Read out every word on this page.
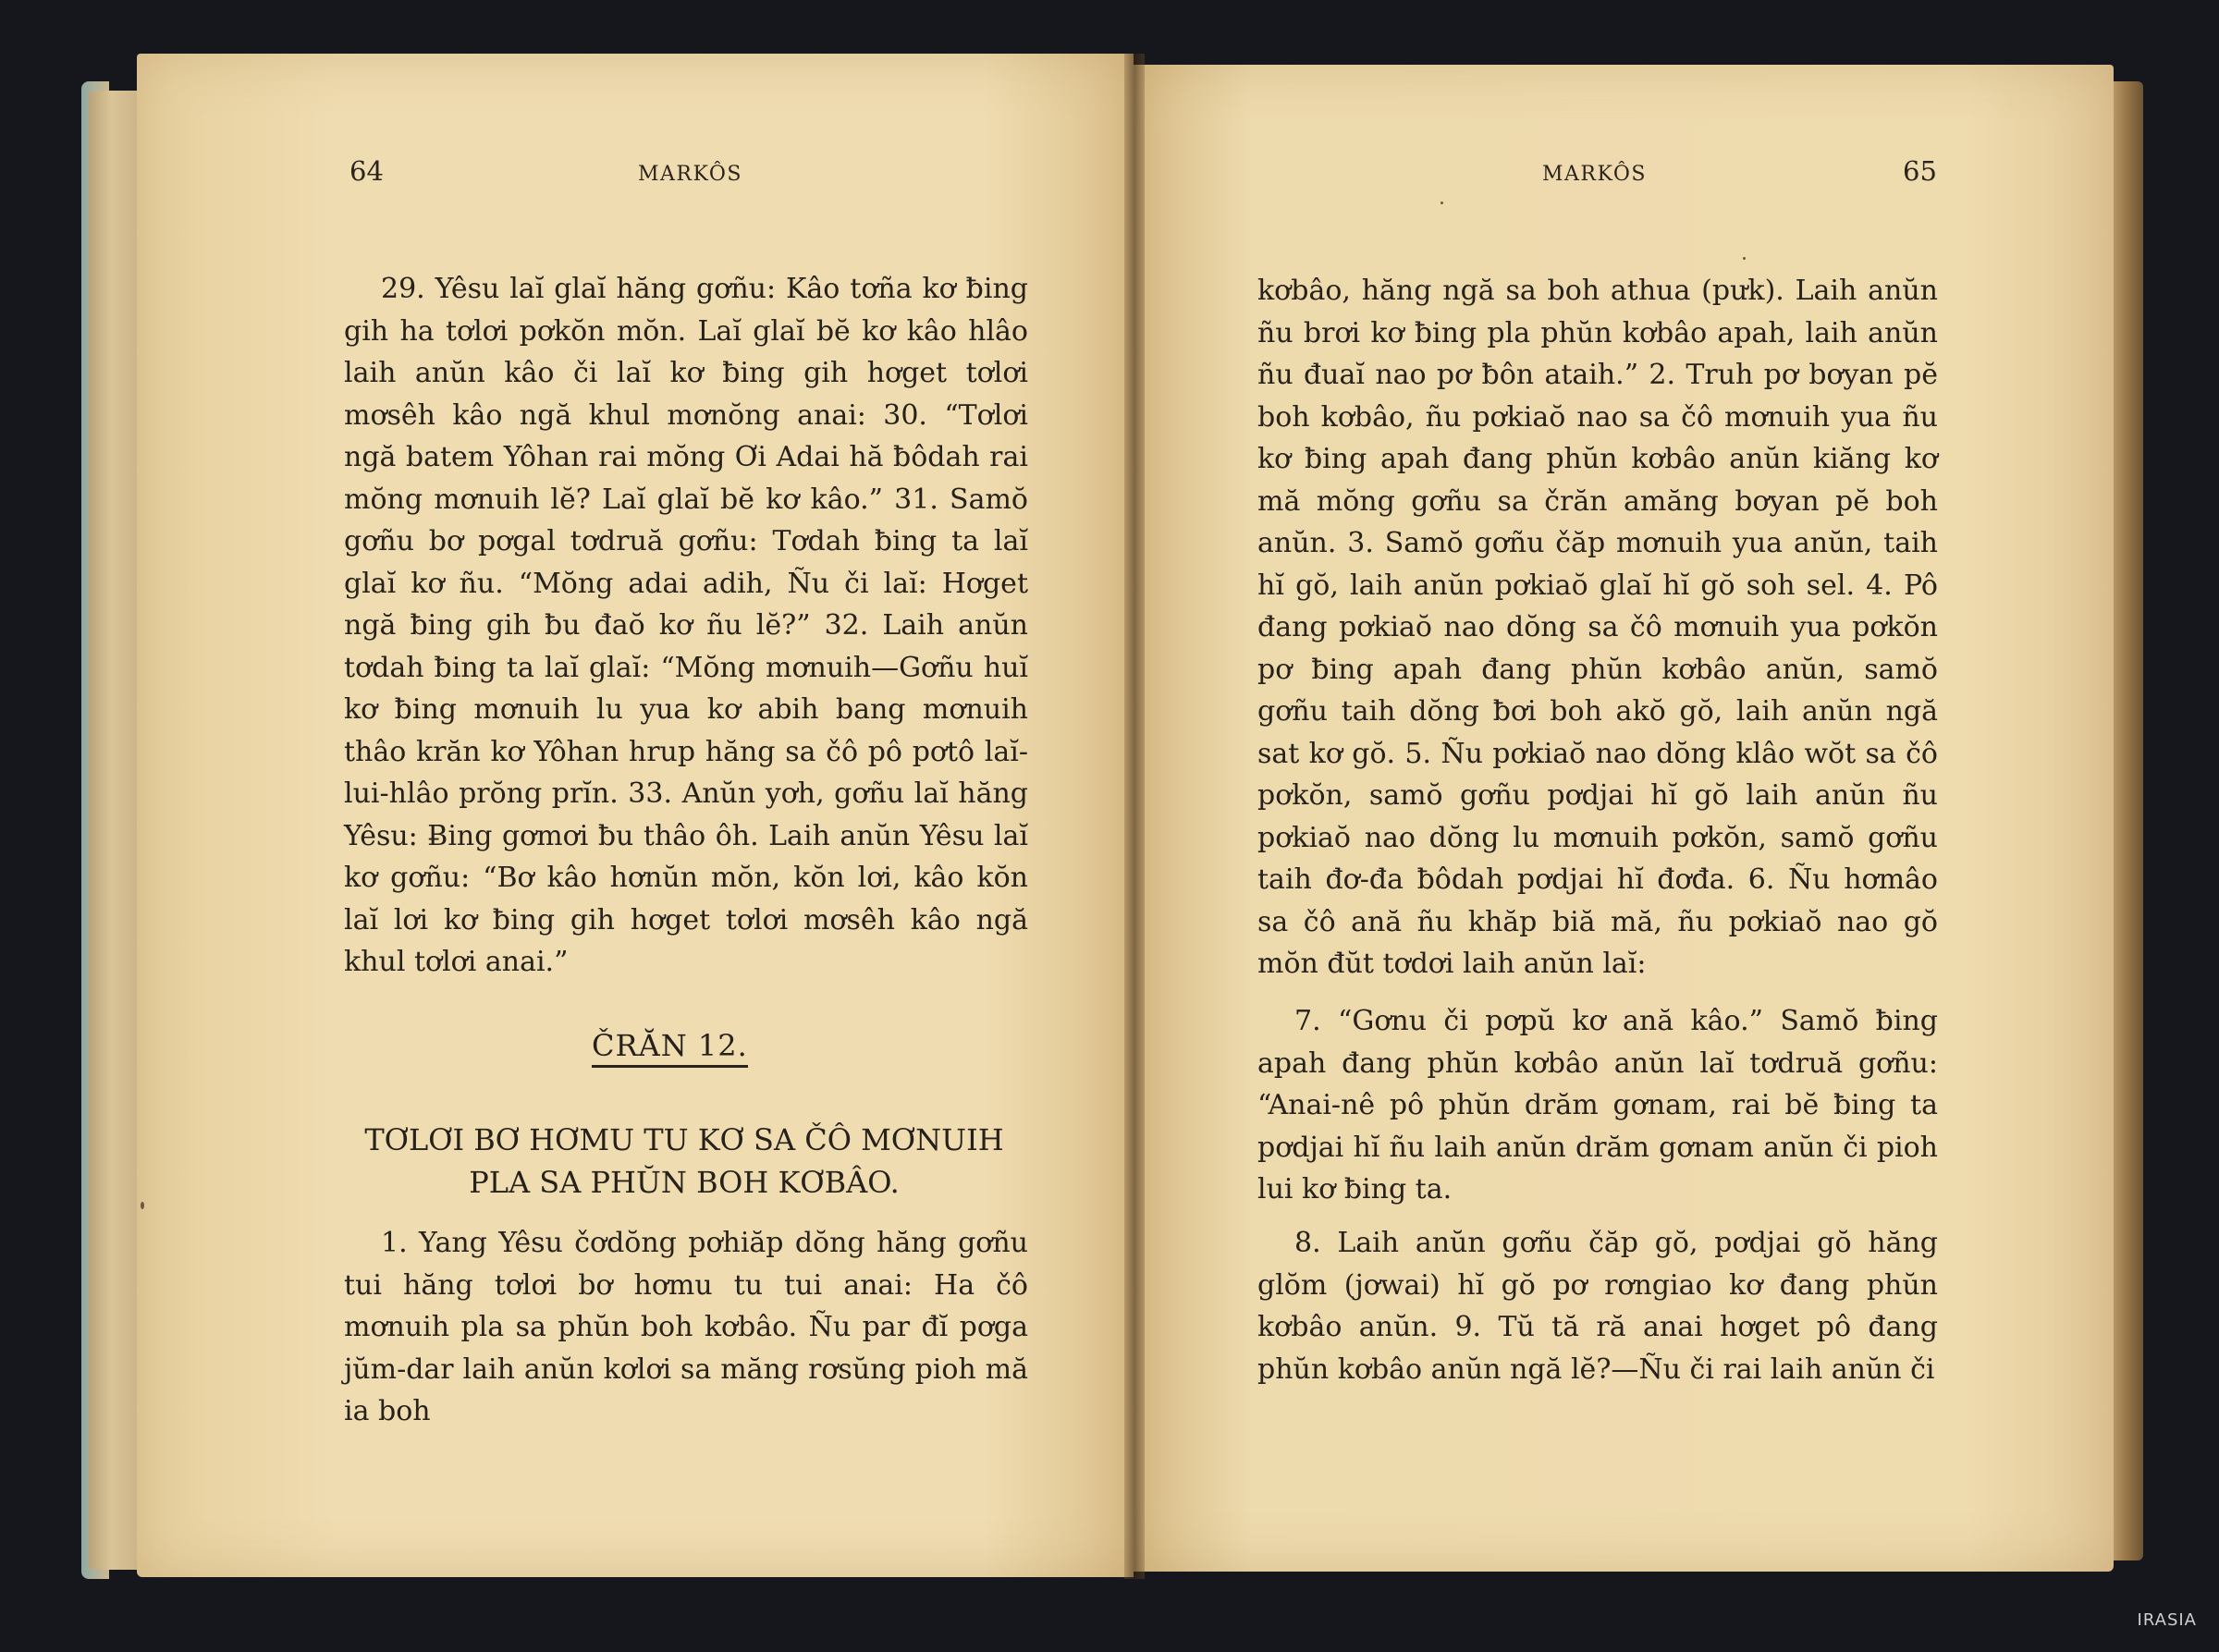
64	MARKÔS

29. Yêsu laĭ glaĭ hăng gơñu: Kâo tơña kơ ƀing gih ha tơlơi pơkŏn mŏn. Laĭ glaĭ bĕ kơ kâo hlâo laih anŭn kâo či laĭ kơ ƀing gih hơget tơlơi mơsêh kâo ngă khul mơnŏng anai: 30. “Tơlơi ngă batem Yôhan rai mŏng Ơi Adai hă ƀôdah rai mŏng mơnuih lĕ? Laĭ glaĭ bĕ kơ kâo.” 31. Samŏ gơñu bơ pơgal tơdruă gơñu: Tơdah ƀing ta laĭ glaĭ kơ ñu. “Mŏng adai adih, Ñu či laĭ: Hơget ngă ƀing gih ƀu đaŏ kơ ñu lĕ?” 32. Laih anŭn tơdah ƀing ta laĭ glaĭ: “Mŏng mơnuih—Gơñu huĭ kơ ƀing mơnuih lu yua kơ abih bang mơnuih thâo krăn kơ Yôhan hrup hăng sa čô pô pơtô laĭ-lui-hlâo prŏng prĭn. 33. Anŭn yơh, gơñu laĭ hăng Yêsu: Ƀing gơmơi ƀu thâo ôh. Laih anŭn Yêsu laĭ kơ gơñu: “Bơ kâo hơnŭn mŏn, kŏn lơi, kâo kŏn laĭ lơi kơ ƀing gih hơget tơlơi mơsêh kâo ngă khul tơlơi anai.”

ČRĂN 12.
TƠLƠI BƠ HƠMU TU KƠ SA ČÔ MƠNUIH
PLA SA PHŬN BOH KƠBÂO.

1. Yang Yêsu čơdŏng pơhiăp dŏng hăng gơñu tui hăng tơlơi bơ hơmu tu tui anai: Ha čô mơnuih pla sa phŭn boh kơbâo. Ñu par đĭ pơga jŭm-dar laih anŭn kơlơi sa măng rơsŭng pioh mă ia boh

MARKÔS	65

kơbâo, hăng ngă sa boh athua (pưk). Laih anŭn ñu brơi kơ ƀing pla phŭn kơbâo apah, laih anŭn ñu đuaĭ nao pơ ƀôn ataih.” 2. Truh pơ bơyan pĕ boh kơbâo, ñu pơkiaŏ nao sa čô mơnuih yua ñu kơ ƀing apah đang phŭn kơbâo anŭn kiăng kơ mă mŏng gơñu sa črăn amăng bơyan pĕ boh anŭn. 3. Samŏ gơñu čăp mơnuih yua anŭn, taih hĭ gŏ, laih anŭn pơkiaŏ glaĭ hĭ gŏ soh sel. 4. Pô đang pơkiaŏ nao dŏng sa čô mơnuih yua pơkŏn pơ ƀing apah đang phŭn kơbâo anŭn, samŏ gơñu taih dŏng ƀơi boh akŏ gŏ, laih anŭn ngă sat kơ gŏ. 5. Ñu pơkiaŏ nao dŏng klâo wŏt sa čô pơkŏn, samŏ gơñu pơdjai hĭ gŏ laih anŭn ñu pơkiaŏ nao dŏng lu mơnuih pơkŏn, samŏ gơñu taih đơ-đa ƀôdah pơdjai hĭ đơđa. 6. Ñu hơmâo sa čô ană ñu khăp biă mă, ñu pơkiaŏ nao gŏ mŏn đŭt tơdơi laih anŭn laĭ:

7. “Gơnu či pơpŭ kơ ană kâo.” Samŏ ƀing apah đang phŭn kơbâo anŭn laĭ tơdruă gơñu: “Anai-nê pô phŭn drăm gơnam, rai bĕ ƀing ta pơdjai hĭ ñu laih anŭn drăm gơnam anŭn či pioh lui kơ ƀing ta.

8. Laih anŭn gơñu čăp gŏ, pơdjai gŏ hăng glŏm (jơwai) hĭ gŏ pơ rơngiao kơ đang phŭn kơbâo anŭn. 9. Tŭ tă ră anai hơget pô đang phŭn kơbâo anŭn ngă lĕ?—Ñu či rai laih anŭn či

IRASIA
